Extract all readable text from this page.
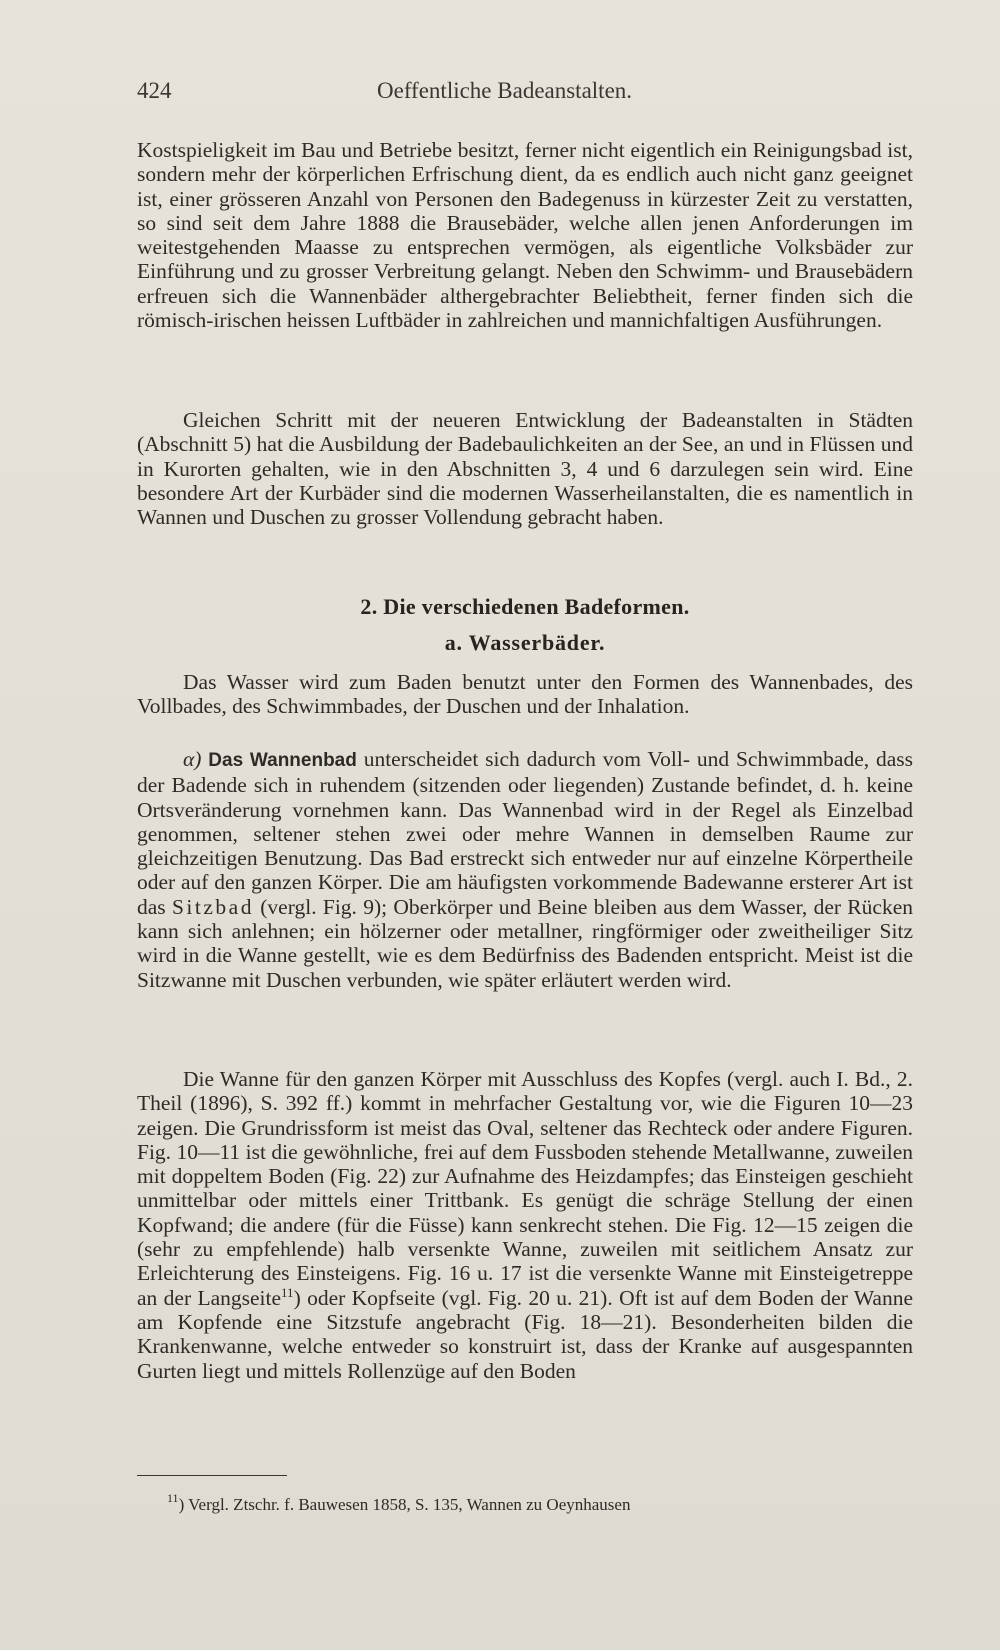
424	Oeffentliche Badeanstalten.

Kostspieligkeit im Bau und Betriebe besitzt, ferner nicht eigentlich ein Reinigungsbad ist, sondern mehr der körperlichen Erfrischung dient, da es endlich auch nicht ganz geeignet ist, einer grösseren Anzahl von Personen den Badegenuss in kürzester Zeit zu verstatten, so sind seit dem Jahre 1888 die Brausebäder, welche allen jenen Anforderungen im weitestgehenden Maasse zu entsprechen vermögen, als eigentliche Volksbäder zur Einführung und zu grosser Verbreitung gelangt. Neben den Schwimm- und Brausebädern erfreuen sich die Wannenbäder althergebrachter Beliebtheit, ferner finden sich die römisch-irischen heissen Luftbäder in zahlreichen und mannichfaltigen Ausführungen.

Gleichen Schritt mit der neueren Entwicklung der Badeanstalten in Städten (Abschnitt 5) hat die Ausbildung der Badebaulichkeiten an der See, an und in Flüssen und in Kurorten gehalten, wie in den Abschnitten 3, 4 und 6 darzulegen sein wird. Eine besondere Art der Kurbäder sind die modernen Wasserheilanstalten, die es namentlich in Wannen und Duschen zu grosser Vollendung gebracht haben.

2. Die verschiedenen Badeformen.
a. Wasserbäder.

Das Wasser wird zum Baden benutzt unter den Formen des Wannenbades, des Vollbades, des Schwimmbades, der Duschen und der Inhalation.

α) Das Wannenbad unterscheidet sich dadurch vom Voll- und Schwimmbade, dass der Badende sich in ruhendem (sitzenden oder liegenden) Zustande befindet, d. h. keine Ortsveränderung vornehmen kann. Das Wannenbad wird in der Regel als Einzelbad genommen, seltener stehen zwei oder mehre Wannen in demselben Raume zur gleichzeitigen Benutzung. Das Bad erstreckt sich entweder nur auf einzelne Körpertheile oder auf den ganzen Körper. Die am häufigsten vorkommende Badewanne ersterer Art ist das Sitzbad (vergl. Fig. 9); Oberkörper und Beine bleiben aus dem Wasser, der Rücken kann sich anlehnen; ein hölzerner oder metallner, ringförmiger oder zweitheiliger Sitz wird in die Wanne gestellt, wie es dem Bedürfniss des Badenden entspricht. Meist ist die Sitzwanne mit Duschen verbunden, wie später erläutert werden wird.

Die Wanne für den ganzen Körper mit Ausschluss des Kopfes (vergl. auch I. Bd., 2. Theil (1896), S. 392 ff.) kommt in mehrfacher Gestaltung vor, wie die Figuren 10—23 zeigen. Die Grundrissform ist meist das Oval, seltener das Rechteck oder andere Figuren. Fig. 10—11 ist die gewöhnliche, frei auf dem Fussboden stehende Metallwanne, zuweilen mit doppeltem Boden (Fig. 22) zur Aufnahme des Heizdampfes; das Einsteigen geschieht unmittelbar oder mittels einer Trittbank. Es genügt die schräge Stellung der einen Kopfwand; die andere (für die Füsse) kann senkrecht stehen. Die Fig. 12—15 zeigen die (sehr zu empfehlende) halb versenkte Wanne, zuweilen mit seitlichem Ansatz zur Erleichterung des Einsteigens. Fig. 16 u. 17 ist die versenkte Wanne mit Einsteigetreppe an der Langseite$^{11}$) oder Kopfseite (vgl. Fig. 20 u. 21). Oft ist auf dem Boden der Wanne am Kopfende eine Sitzstufe angebracht (Fig. 18—21). Besonderheiten bilden die Krankenwanne, welche entweder so konstruirt ist, dass der Kranke auf ausgespannten Gurten liegt und mittels Rollenzüge auf den Boden

$^{11}$) Vergl. Ztschr. f. Bauwesen 1858, S. 135, Wannen zu Oeynhausen
